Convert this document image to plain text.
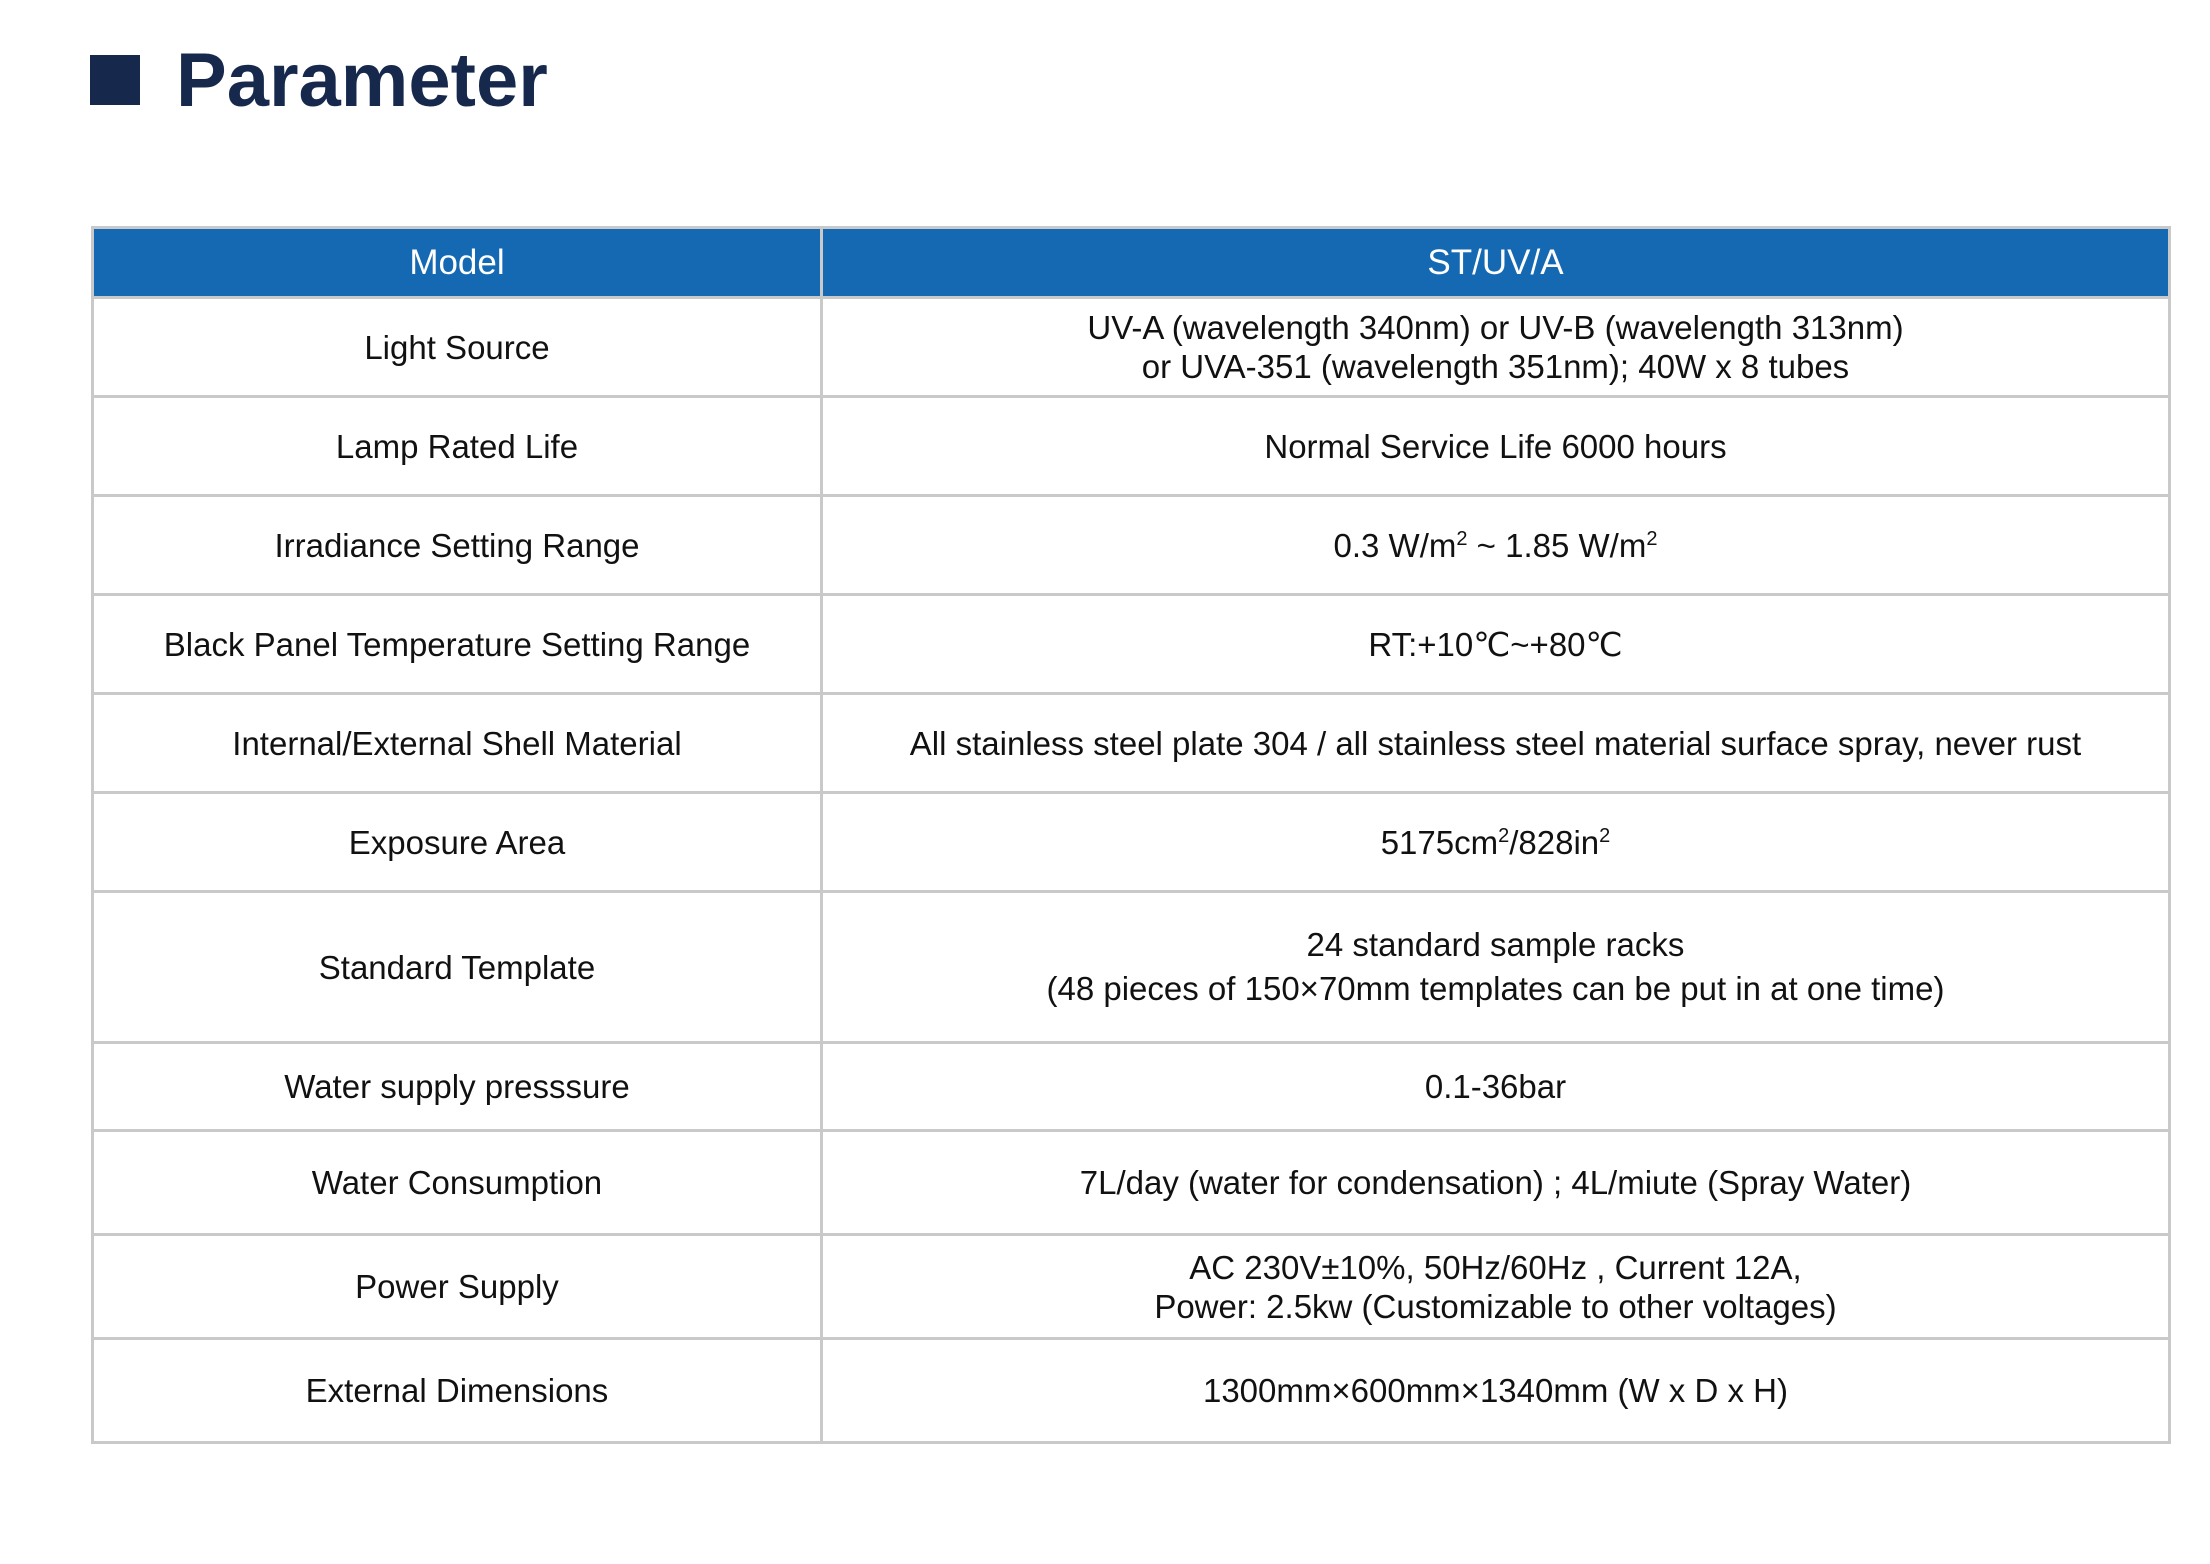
Parameter
Model	ST/UV/A
Light Source	UV-A (wavelength 340nm) or UV-B (wavelength 313nm)
or UVA-351 (wavelength 351nm); 40W x 8 tubes

Lamp Rated Life	Normal Service Life 6000 hours

Irradiance Setting Range	0.3 $W/m^2$ ~ 1.85 $W/m^2$
Black Panel Temperature Setting Range	RT:+10℃~+80℃

Internal/External Shell Material	All stainless steel plate 304 / all stainless steel material surface spray, never rust

Exposure Area	$5175cm^2/828in^2$
Standard Template	24 standard sample racks
(48 pieces of 150×70mm templates can be put in at one time)

Water supply presssure	0.1-36bar

Water Consumption	7L/day (water for condensation) ; 4L/miute (Spray Water)

Power Supply	AC 230V±10%, 50Hz/60Hz , Current 12A,
Power: 2.5kw (Customizable to other voltages)

External Dimensions	1300mm×600mm×1340mm (W x D x H)
